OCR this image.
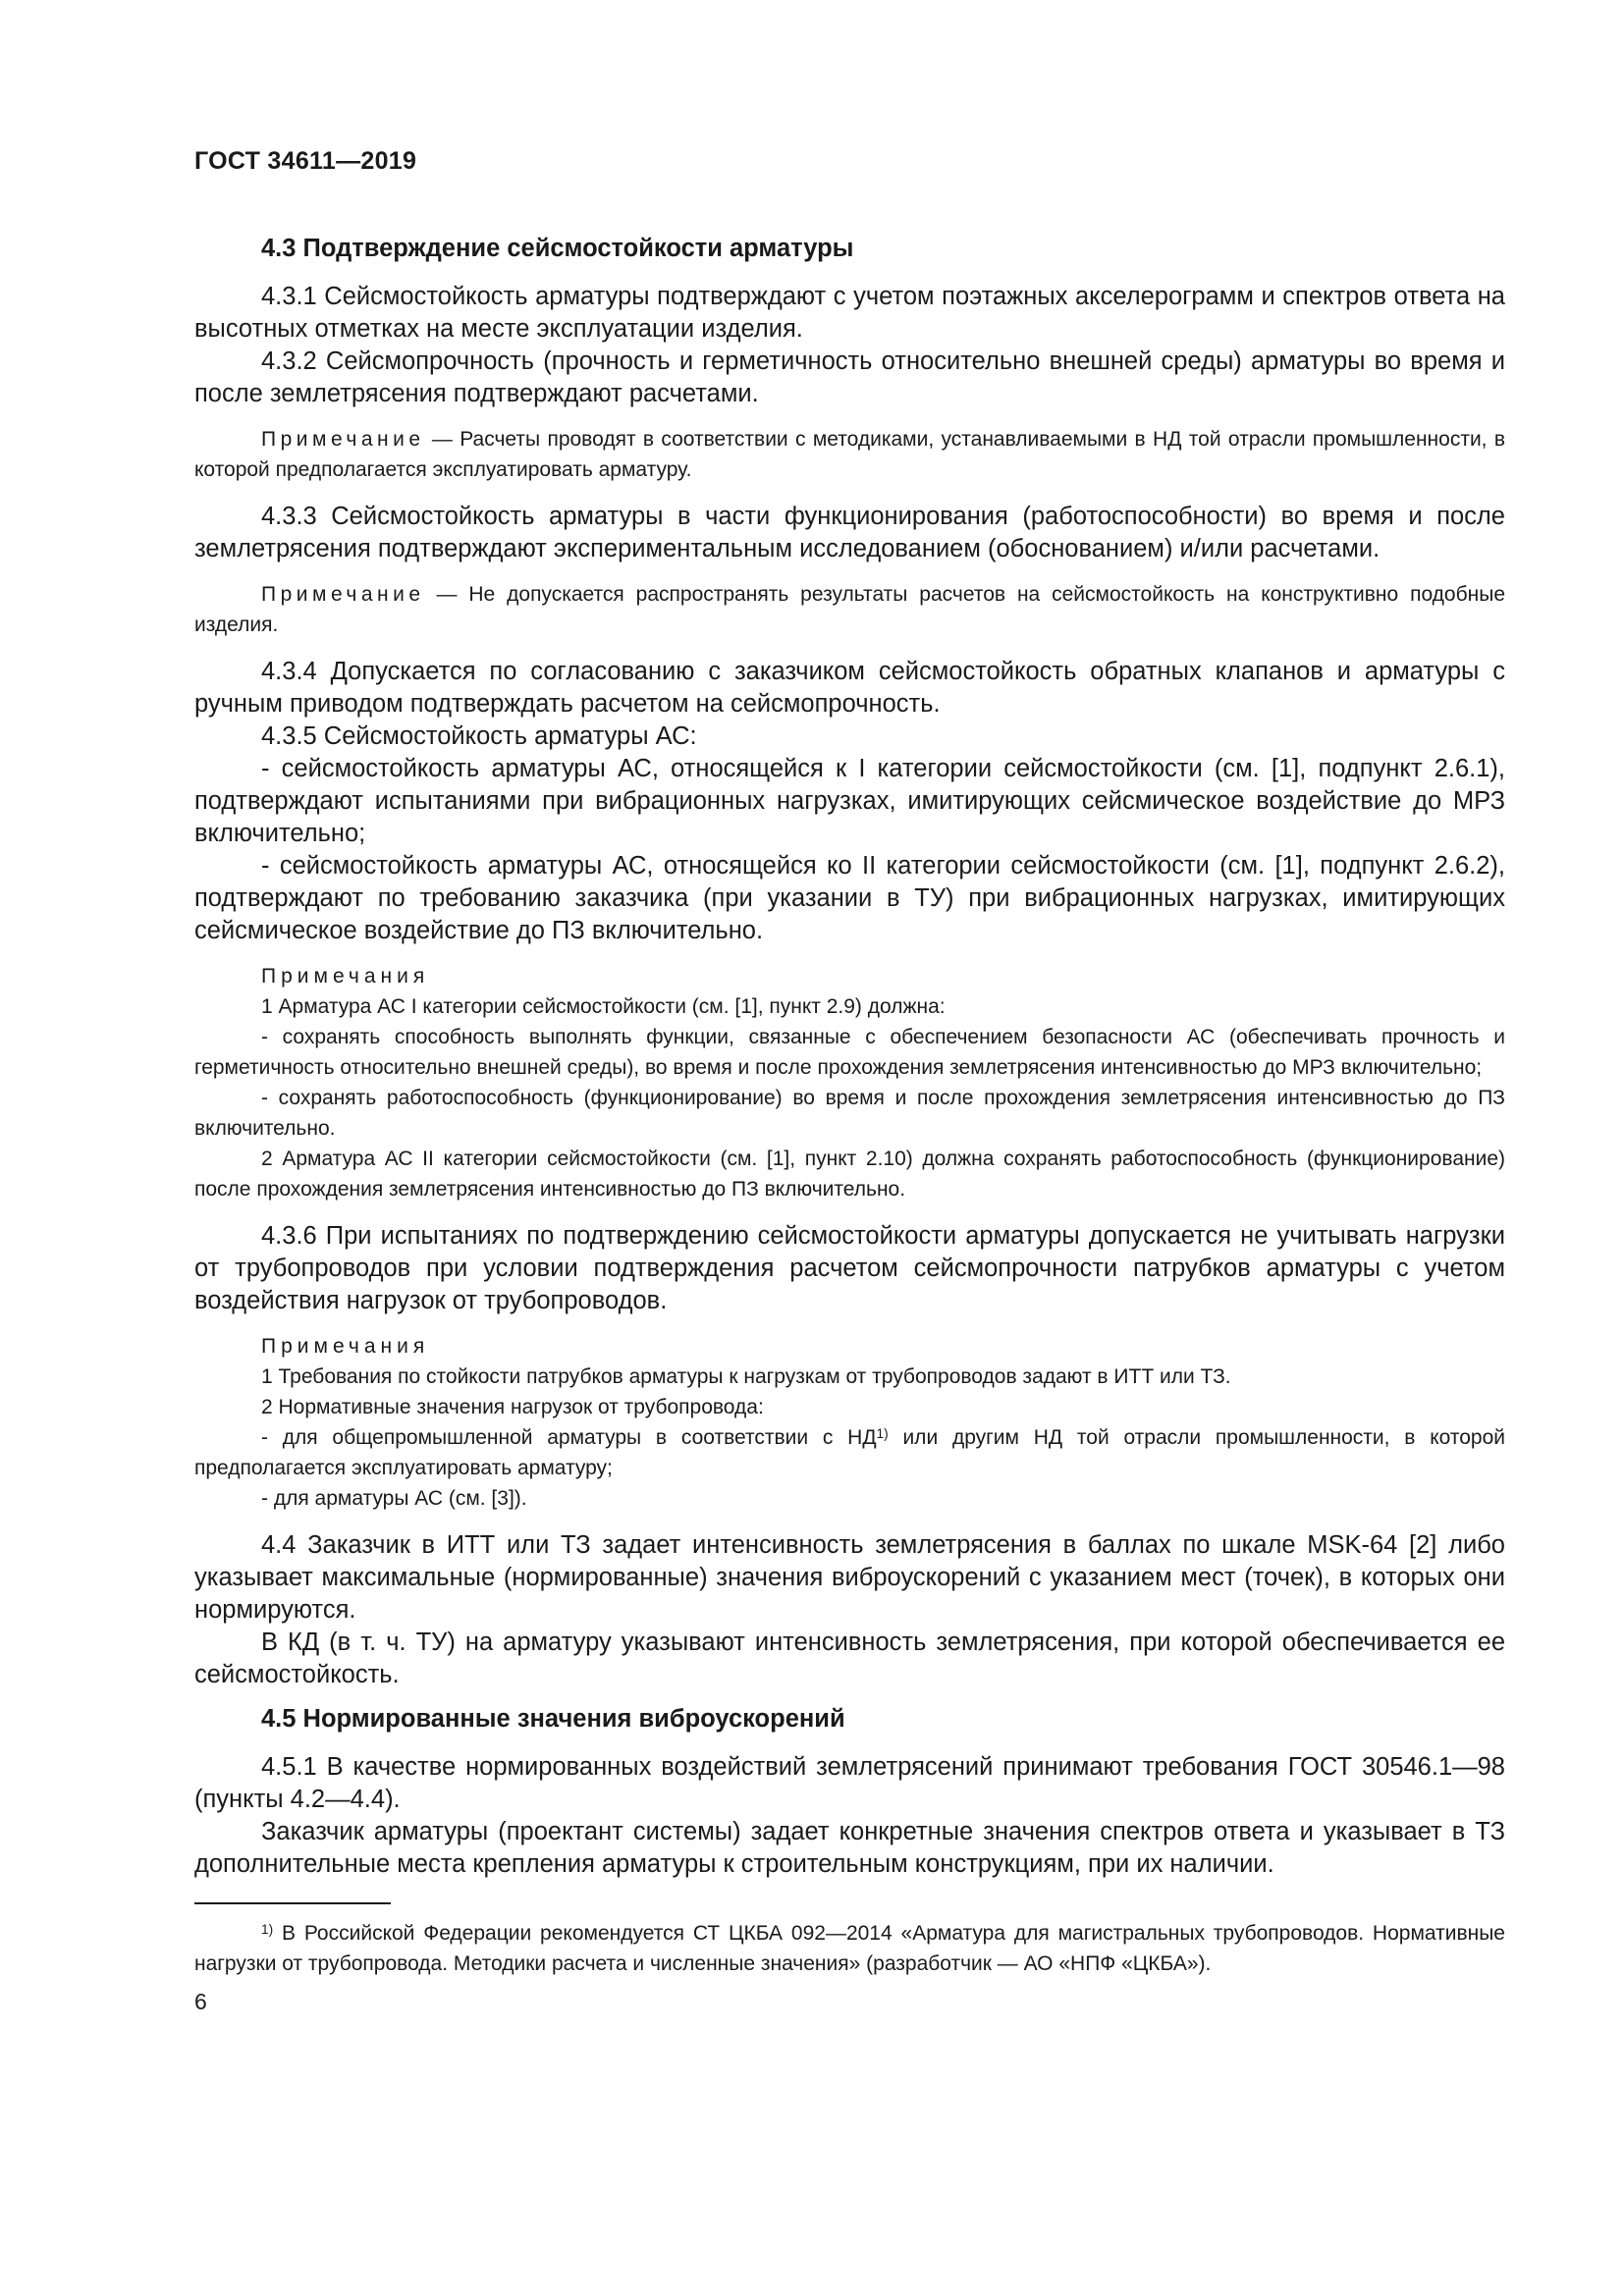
ГОСТ 34611—2019
4.3 Подтверждение сейсмостойкости арматуры

4.3.1 Сейсмостойкость арматуры подтверждают с учетом поэтажных акселерограмм и спектров ответа на высотных отметках на месте эксплуатации изделия.

4.3.2 Сейсмопрочность (прочность и герметичность относительно внешней среды) арматуры во время и после землетрясения подтверждают расчетами.

Примечание — Расчеты проводят в соответствии с методиками, устанавливаемыми в НД той отрасли промышленности, в которой предполагается эксплуатировать арматуру.

4.3.3 Сейсмостойкость арматуры в части функционирования (работоспособности) во время и после землетрясения подтверждают экспериментальным исследованием (обоснованием) и/или расчетами.

Примечание — Не допускается распространять результаты расчетов на сейсмостойкость на конструктивно подобные изделия.

4.3.4 Допускается по согласованию с заказчиком сейсмостойкость обратных клапанов и арматуры с ручным приводом подтверждать расчетом на сейсмопрочность.

4.3.5 Сейсмостойкость арматуры АС:

- сейсмостойкость арматуры АС, относящейся к I категории сейсмостойкости (см. [1], подпункт 2.6.1), подтверждают испытаниями при вибрационных нагрузках, имитирующих сейсмическое воздействие до МРЗ включительно;

- сейсмостойкость арматуры АС, относящейся ко II категории сейсмостойкости (см. [1], подпункт 2.6.2), подтверждают по требованию заказчика (при указании в ТУ) при вибрационных нагрузках, имитирующих сейсмическое воздействие до ПЗ включительно.

Примечания

1 Арматура АС I категории сейсмостойкости (см. [1], пункт 2.9) должна:

- сохранять способность выполнять функции, связанные с обеспечением безопасности АС (обеспечивать прочность и герметичность относительно внешней среды), во время и после прохождения землетрясения интенсивностью до МРЗ включительно;

- сохранять работоспособность (функционирование) во время и после прохождения землетрясения интенсивностью до ПЗ включительно.

2 Арматура АС II категории сейсмостойкости (см. [1], пункт 2.10) должна сохранять работоспособность (функционирование) после прохождения землетрясения интенсивностью до ПЗ включительно.

4.3.6 При испытаниях по подтверждению сейсмостойкости арматуры допускается не учитывать нагрузки от трубопроводов при условии подтверждения расчетом сейсмопрочности патрубков арматуры с учетом воздействия нагрузок от трубопроводов.

Примечания

1 Требования по стойкости патрубков арматуры к нагрузкам от трубопроводов задают в ИТТ или ТЗ.

2 Нормативные значения нагрузок от трубопровода:

- для общепромышленной арматуры в соответствии с НД$^{1)}$ или другим НД той отрасли промышленности, в которой предполагается эксплуатировать арматуру;

- для арматуры АС (см. [3]).

4.4 Заказчик в ИТТ или ТЗ задает интенсивность землетрясения в баллах по шкале MSK-64 [2] либо указывает максимальные (нормированные) значения виброускорений с указанием мест (точек), в которых они нормируются.

В КД (в т. ч. ТУ) на арматуру указывают интенсивность землетрясения, при которой обеспечивается ее сейсмостойкость.

4.5 Нормированные значения виброускорений

4.5.1 В качестве нормированных воздействий землетрясений принимают требования ГОСТ 30546.1—98 (пункты 4.2—4.4).

Заказчик арматуры (проектант системы) задает конкретные значения спектров ответа и указывает в ТЗ дополнительные места крепления арматуры к строительным конструкциям, при их наличии.

$^{1)}$ В Российской Федерации рекомендуется СТ ЦКБА 092—2014 «Арматура для магистральных трубопроводов. Нормативные нагрузки от трубопровода. Методики расчета и численные значения» (разработчик — АО «НПФ «ЦКБА»).

6
